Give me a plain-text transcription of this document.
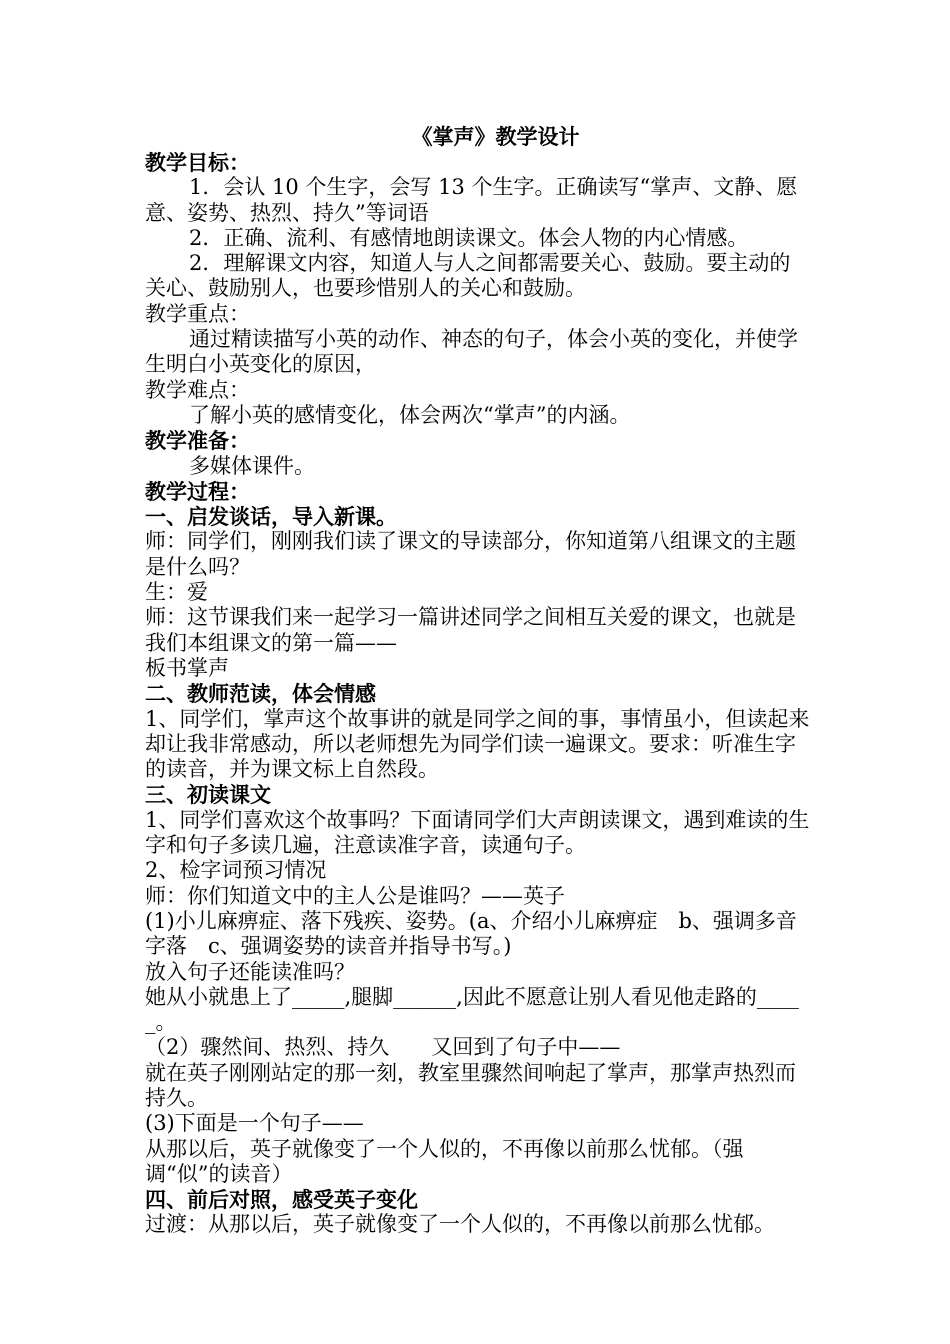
《掌声》教学设计

教学目标：

1．会认 10 个生字，会写 13 个生字。正确读写“掌声、文静、愿意、姿势、热烈、持久”等词语

2．正确、流利、有感情地朗读课文。体会人物的内心情感。

2．理解课文内容，知道人与人之间都需要关心、鼓励。要主动的关心、鼓励别人，也要珍惜别人的关心和鼓励。

教学重点：

通过精读描写小英的动作、神态的句子，体会小英的变化，并使学生明白小英变化的原因，

教学难点：

了解小英的感情变化，体会两次“掌声”的内涵。

教学准备：

多媒体课件。

教学过程：

一、启发谈话，导入新课。

师：同学们，刚刚我们读了课文的导读部分，你知道第八组课文的主题是什么吗？

生：爱

师：这节课我们来一起学习一篇讲述同学之间相互关爱的课文，也就是我们本组课文的第一篇——

板书掌声

二、教师范读，体会情感

1、同学们，掌声这个故事讲的就是同学之间的事，事情虽小，但读起来却让我非常感动，所以老师想先为同学们读一遍课文。要求：听准生字的读音，并为课文标上自然段。

三、初读课文

1、同学们喜欢这个故事吗？下面请同学们大声朗读课文，遇到难读的生字和句子多读几遍，注意读准字音，读通句子。

2、检字词预习情况

师：你们知道文中的主人公是谁吗？——英子

(1)小儿麻痹症、落下残疾、姿势。(a、介绍小儿麻痹症　b、强调多音字落　c、强调姿势的读音并指导书写。)

放入句子还能读准吗？

她从小就患上了_____,腿脚______,因此不愿意让别人看见他走路的_____。

（2）骤然间、热烈、持久　　又回到了句子中——

就在英子刚刚站定的那一刻，教室里骤然间响起了掌声，那掌声热烈而持久。

(3)下面是一个句子——

从那以后，英子就像变了一个人似的，不再像以前那么忧郁。（强调“似”的读音）

四、前后对照，感受英子变化

过渡：从那以后，英子就像变了一个人似的，不再像以前那么忧郁。
